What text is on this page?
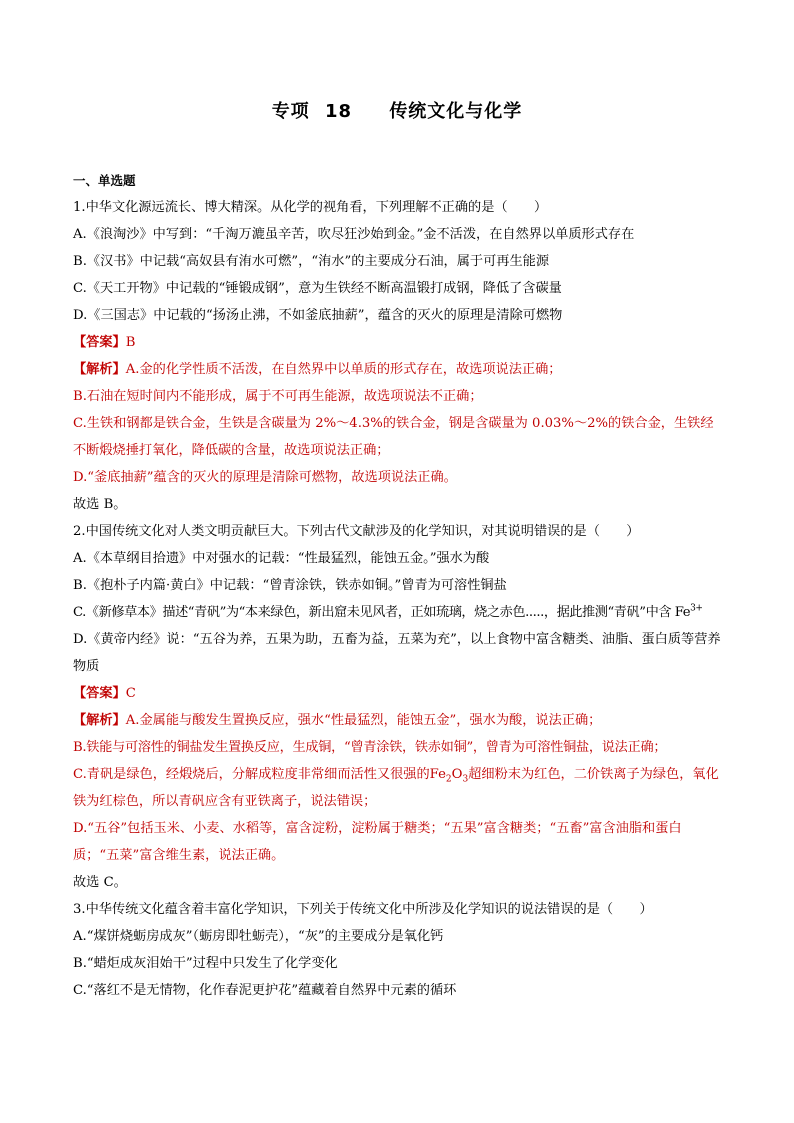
专项 18 传统文化与化学
一、单选题
1.中华文化源远流长、博大精深。从化学的视角看，下列理解不正确的是（　　）
A.《浪淘沙》中写到：“千淘万漉虽辛苦，吹尽狂沙始到金。”金不活泼，在自然界以单质形式存在
B.《汉书》中记载“高奴县有洧水可燃”，“洧水”的主要成分石油，属于可再生能源
C.《天工开物》中记载的“锤锻成钢”，意为生铁经不断高温锻打成钢，降低了含碳量
D.《三国志》中记载的“扬汤止沸，不如釜底抽薪”，蕴含的灭火的原理是清除可燃物
【答案】B
【解析】A.金的化学性质不活泼，在自然界中以单质的形式存在，故选项说法正确；
B.石油在短时间内不能形成，属于不可再生能源，故选项说法不正确；
C.生铁和钢都是铁合金，生铁是含碳量为 2%～4.3%的铁合金，钢是含碳量为 0.03%～2%的铁合金，生铁经不断煅烧捶打氧化，降低碳的含量，故选项说法正确；
D.“釜底抽薪”蕴含的灭火的原理是清除可燃物，故选项说法正确。
故选 B。
2.中国传统文化对人类文明贡献巨大。下列古代文献涉及的化学知识，对其说明错误的是（　　）
A.《本草纲目拾遗》中对强水的记载：“性最猛烈，能蚀五金。”强水为酸
B.《抱朴子内篇·黄白》中记载：“曾青涂铁，铁赤如铜。”曾青为可溶性铜盐
C.《新修草本》描述“青矾”为“本来绿色，新出窟未见风者，正如琉璃，烧之赤色.....，据此推测“青矾”中含 $Fe^{3+}$
D.《黄帝内经》说：“五谷为养，五果为助，五畜为益，五菜为充”，以上食物中富含糖类、油脂、蛋白质等营养物质
【答案】C
【解析】A.金属能与酸发生置换反应，强水“性最猛烈，能蚀五金”，强水为酸，说法正确；
B.铁能与可溶性的铜盐发生置换反应，生成铜，“曾青涂铁，铁赤如铜”，曾青为可溶性铜盐，说法正确；
C.青矾是绿色，经煅烧后，分解成粒度非常细而活性又很强的$Fe_2O_3$超细粉末为红色，二价铁离子为绿色，氧化铁为红棕色，所以青矾应含有亚铁离子，说法错误；
D.“五谷”包括玉米、小麦、水稻等，富含淀粉，淀粉属于糖类；“五果”富含糖类；“五畜”富含油脂和蛋白质；“五菜”富含维生素，说法正确。
故选 C。
3.中华传统文化蕴含着丰富化学知识，下列关于传统文化中所涉及化学知识的说法错误的是（　　）
A.“煤饼烧蛎房成灰”（蛎房即牡蛎壳），“灰”的主要成分是氧化钙
B.“蜡炬成灰泪始干”过程中只发生了化学变化
C.“落红不是无情物，化作春泥更护花”蕴藏着自然界中元素的循环
